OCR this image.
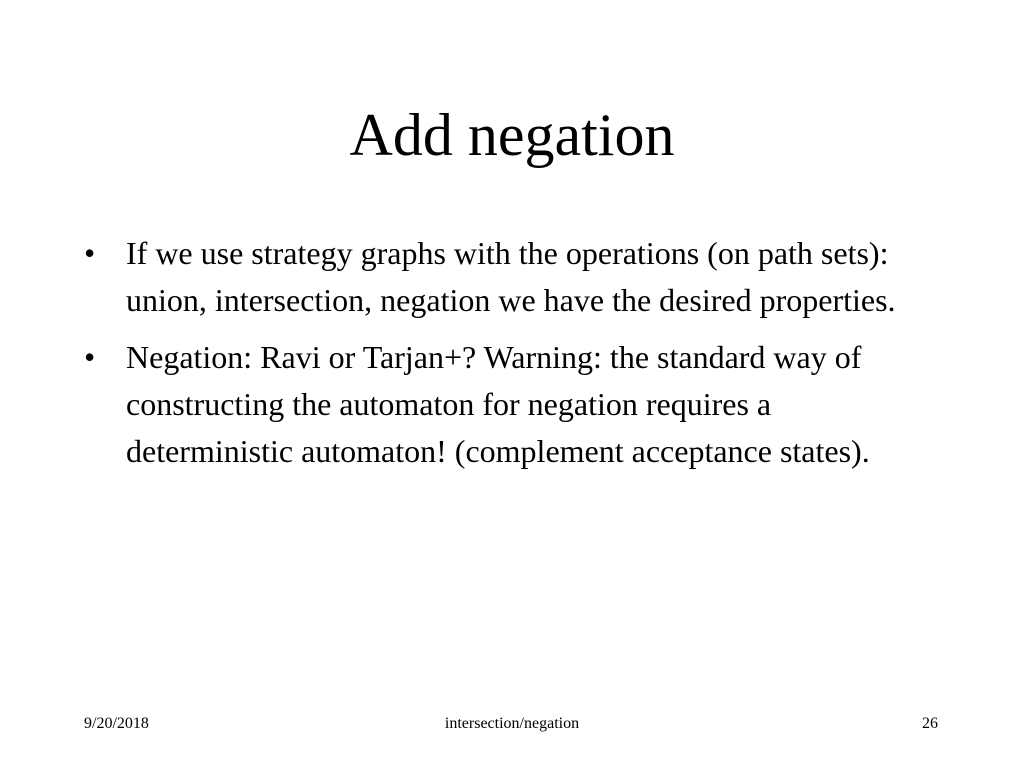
Add negation
• If we use strategy graphs with the operations (on path sets): union, intersection, negation we have the desired properties.
• Negation: Ravi or Tarjan+? Warning: the standard way of constructing the automaton for negation requires a deterministic automaton! (complement acceptance states).
9/20/2018	intersection/negation	26
